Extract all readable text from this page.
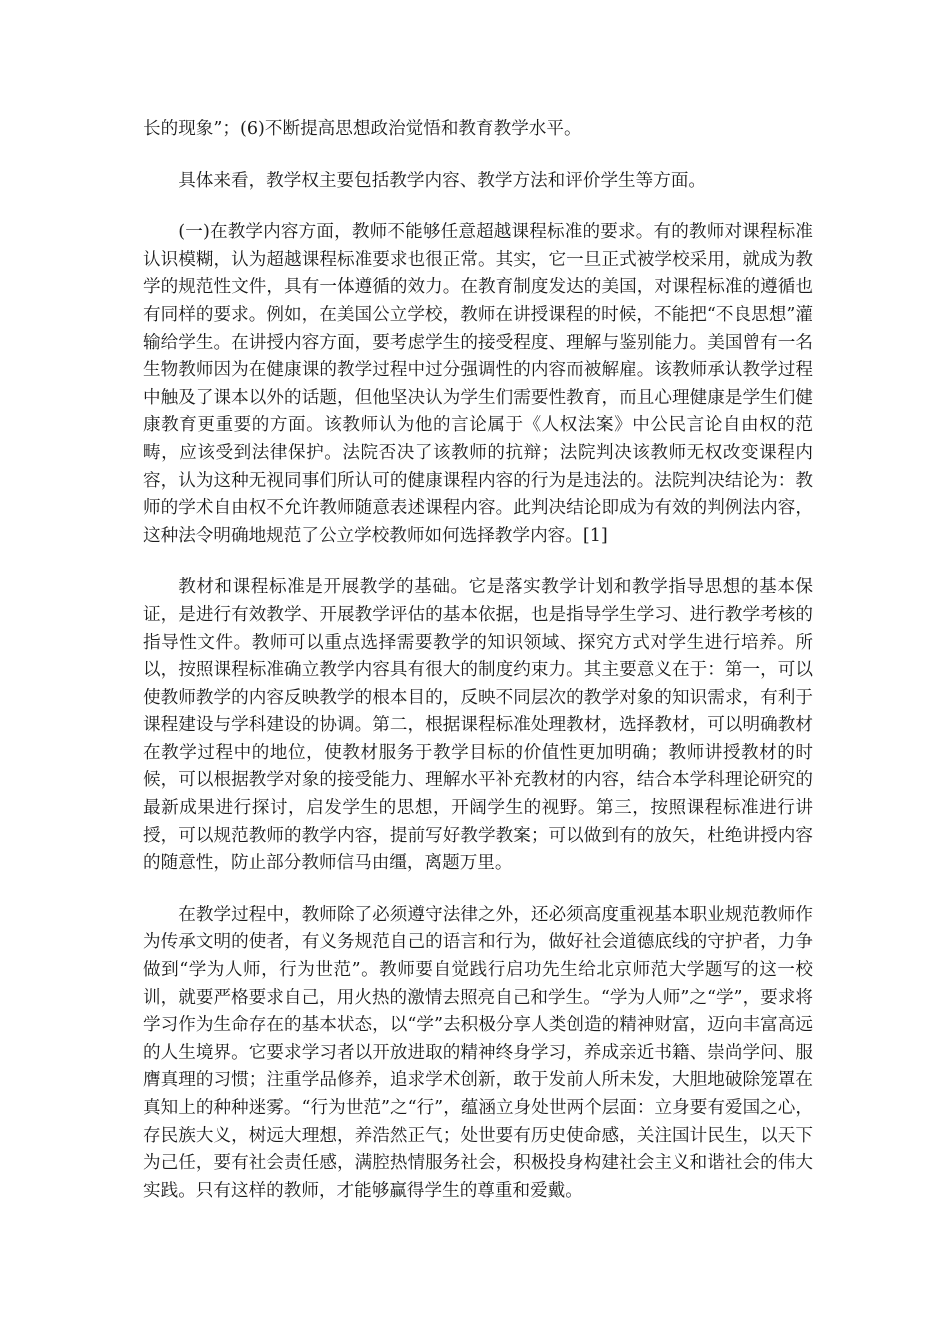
长的现象”；(6)不断提高思想政治觉悟和教育教学水平。

具体来看，教学权主要包括教学内容、教学方法和评价学生等方面。

(一)在教学内容方面，教师不能够任意超越课程标准的要求。有的教师对课程标准认识模糊，认为超越课程标准要求也很正常。其实，它一旦正式被学校采用，就成为教学的规范性文件，具有一体遵循的效力。在教育制度发达的美国，对课程标准的遵循也有同样的要求。例如，在美国公立学校，教师在讲授课程的时候，不能把“不良思想”灌输给学生。在讲授内容方面，要考虑学生的接受程度、理解与鉴别能力。美国曾有一名生物教师因为在健康课的教学过程中过分强调性的内容而被解雇。该教师承认教学过程中触及了课本以外的话题，但他坚决认为学生们需要性教育，而且心理健康是学生们健康教育更重要的方面。该教师认为他的言论属于《人权法案》中公民言论自由权的范畴，应该受到法律保护。法院否决了该教师的抗辩；法院判决该教师无权改变课程内容，认为这种无视同事们所认可的健康课程内容的行为是违法的。法院判决结论为：教师的学术自由权不允许教师随意表述课程内容。此判决结论即成为有效的判例法内容，这种法令明确地规范了公立学校教师如何选择教学内容。[1]

教材和课程标准是开展教学的基础。它是落实教学计划和教学指导思想的基本保证，是进行有效教学、开展教学评估的基本依据，也是指导学生学习、进行教学考核的指导性文件。教师可以重点选择需要教学的知识领域、探究方式对学生进行培养。所以，按照课程标准确立教学内容具有很大的制度约束力。其主要意义在于：第一，可以使教师教学的内容反映教学的根本目的，反映不同层次的教学对象的知识需求，有利于课程建设与学科建设的协调。第二，根据课程标准处理教材，选择教材，可以明确教材在教学过程中的地位，使教材服务于教学目标的价值性更加明确；教师讲授教材的时候，可以根据教学对象的接受能力、理解水平补充教材的内容，结合本学科理论研究的最新成果进行探讨，启发学生的思想，开阔学生的视野。第三，按照课程标准进行讲授，可以规范教师的教学内容，提前写好教学教案；可以做到有的放矢，杜绝讲授内容的随意性，防止部分教师信马由缰，离题万里。

在教学过程中，教师除了必须遵守法律之外，还必须高度重视基本职业规范教师作为传承文明的使者，有义务规范自己的语言和行为，做好社会道德底线的守护者，力争做到“学为人师，行为世范”。教师要自觉践行启功先生给北京师范大学题写的这一校训，就要严格要求自己，用火热的激情去照亮自己和学生。“学为人师”之“学”，要求将学习作为生命存在的基本状态，以“学”去积极分享人类创造的精神财富，迈向丰富高远的人生境界。它要求学习者以开放进取的精神终身学习，养成亲近书籍、崇尚学问、服膺真理的习惯；注重学品修养，追求学术创新，敢于发前人所未发，大胆地破除笼罩在真知上的种种迷雾。“行为世范”之“行”，蕴涵立身处世两个层面：立身要有爱国之心，存民族大义，树远大理想，养浩然正气；处世要有历史使命感，关注国计民生，以天下为己任，要有社会责任感，满腔热情服务社会，积极投身构建社会主义和谐社会的伟大实践。只有这样的教师，才能够赢得学生的尊重和爱戴。
